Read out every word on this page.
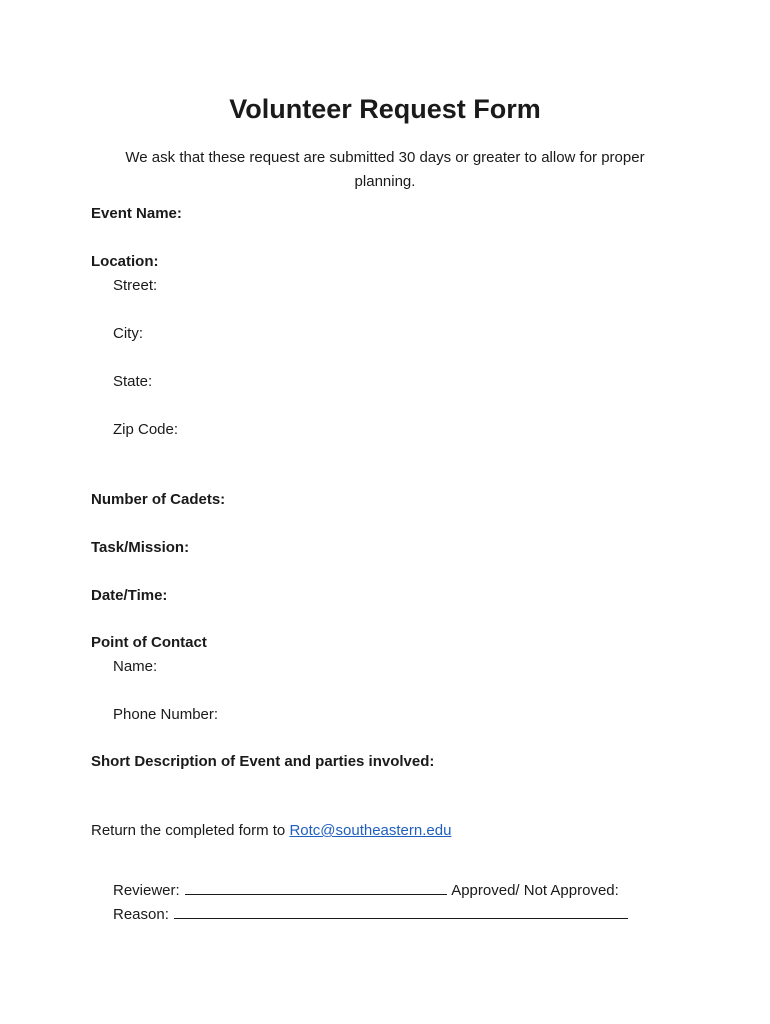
Volunteer Request Form
We ask that these request are submitted 30 days or greater to allow for proper planning.
Event Name:
Location:
Street:
City:
State:
Zip Code:
Number of Cadets:
Task/Mission:
Date/Time:
Point of Contact
Name:
Phone Number:
Short Description of Event and parties involved:
Return the completed form to Rotc@southeastern.edu
Reviewer:	Approved/ Not Approved:
Reason:
